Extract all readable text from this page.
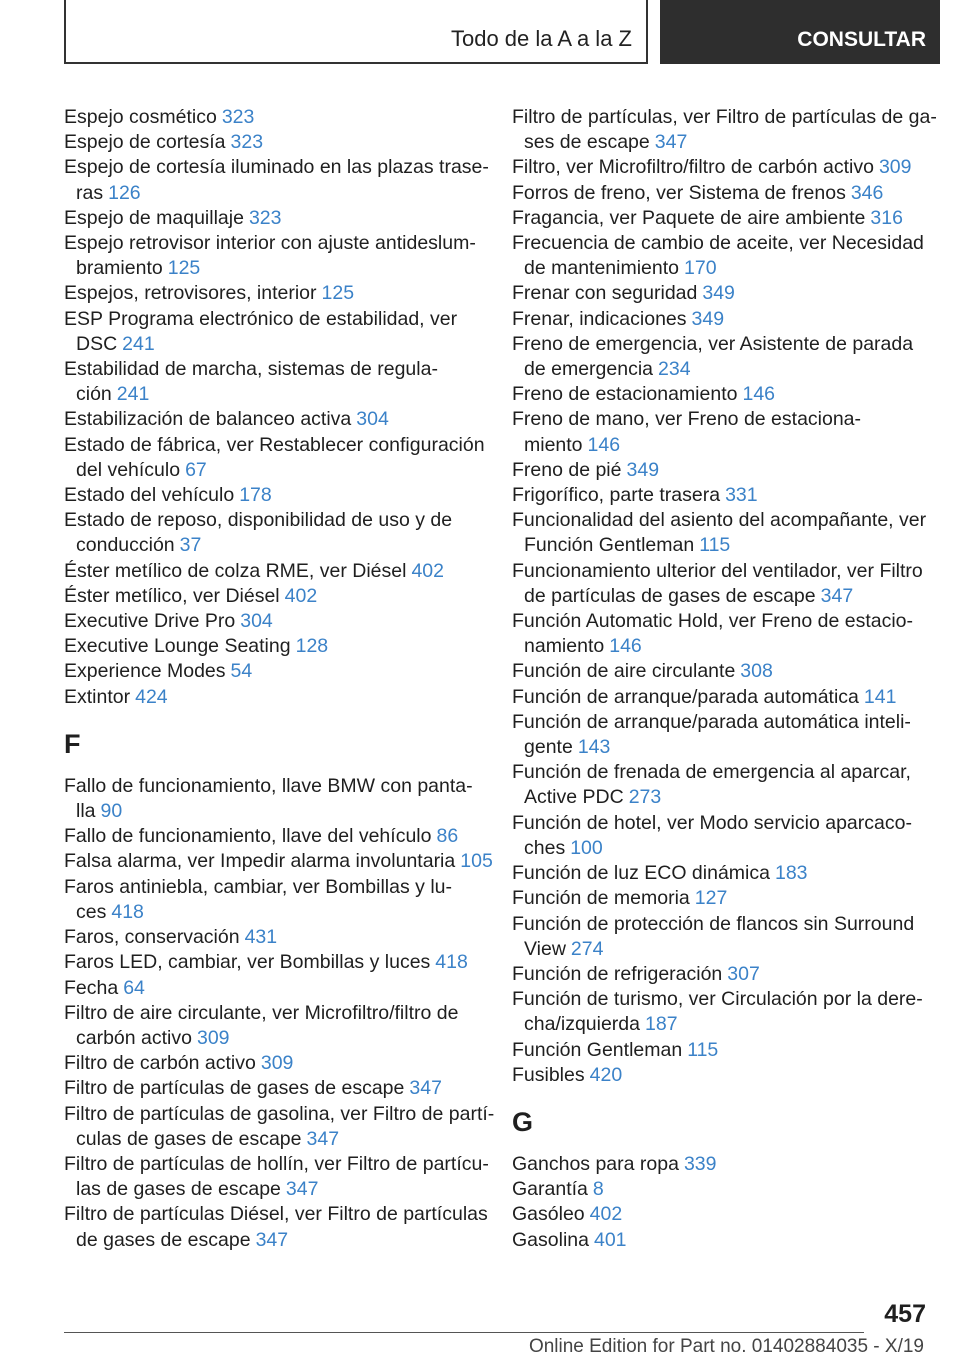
Todo de la A a la Z	CONSULTAR
Espejo cosmético 323
Espejo de cortesía 323
Espejo de cortesía iluminado en las plazas trase-
ras 126
Espejo de maquillaje 323
Espejo retrovisor interior con ajuste antideslum-
bramiento 125
Espejos, retrovisores, interior 125
ESP Programa electrónico de estabilidad, ver
DSC 241
Estabilidad de marcha, sistemas de regula-
ción 241
Estabilización de balanceo activa 304
Estado de fábrica, ver Restablecer configuración
del vehículo 67
Estado del vehículo 178
Estado de reposo, disponibilidad de uso y de
conducción 37
Éster metílico de colza RME, ver Diésel 402
Éster metílico, ver Diésel 402
Executive Drive Pro 304
Executive Lounge Seating 128
Experience Modes 54
Extintor 424
F
Fallo de funcionamiento, llave BMW con panta-
lla 90
Fallo de funcionamiento, llave del vehículo 86
Falsa alarma, ver Impedir alarma involuntaria 105
Faros antiniebla, cambiar, ver Bombillas y lu-
ces 418
Faros, conservación 431
Faros LED, cambiar, ver Bombillas y luces 418
Fecha 64
Filtro de aire circulante, ver Microfiltro/filtro de
carbón activo 309
Filtro de carbón activo 309
Filtro de partículas de gases de escape 347
Filtro de partículas de gasolina, ver Filtro de partí-
culas de gases de escape 347
Filtro de partículas de hollín, ver Filtro de partícu-
las de gases de escape 347
Filtro de partículas Diésel, ver Filtro de partículas
de gases de escape 347
Filtro de partículas, ver Filtro de partículas de ga-
ses de escape 347
Filtro, ver Microfiltro/filtro de carbón activo 309
Forros de freno, ver Sistema de frenos 346
Fragancia, ver Paquete de aire ambiente 316
Frecuencia de cambio de aceite, ver Necesidad
de mantenimiento 170
Frenar con seguridad 349
Frenar, indicaciones 349
Freno de emergencia, ver Asistente de parada
de emergencia 234
Freno de estacionamiento 146
Freno de mano, ver Freno de estaciona-
miento 146
Freno de pié 349
Frigorífico, parte trasera 331
Funcionalidad del asiento del acompañante, ver
Función Gentleman 115
Funcionamiento ulterior del ventilador, ver Filtro
de partículas de gases de escape 347
Función Automatic Hold, ver Freno de estacio-
namiento 146
Función de aire circulante 308
Función de arranque/parada automática 141
Función de arranque/parada automática inteli-
gente 143
Función de frenada de emergencia al aparcar,
Active PDC 273
Función de hotel, ver Modo servicio aparcaco-
ches 100
Función de luz ECO dinámica 183
Función de memoria 127
Función de protección de flancos sin Surround
View 274
Función de refrigeración 307
Función de turismo, ver Circulación por la dere-
cha/izquierda 187
Función Gentleman 115
Fusibles 420
G
Ganchos para ropa 339
Garantía 8
Gasóleo 402
Gasolina 401
457
Online Edition for Part no. 01402884035 - X/19
